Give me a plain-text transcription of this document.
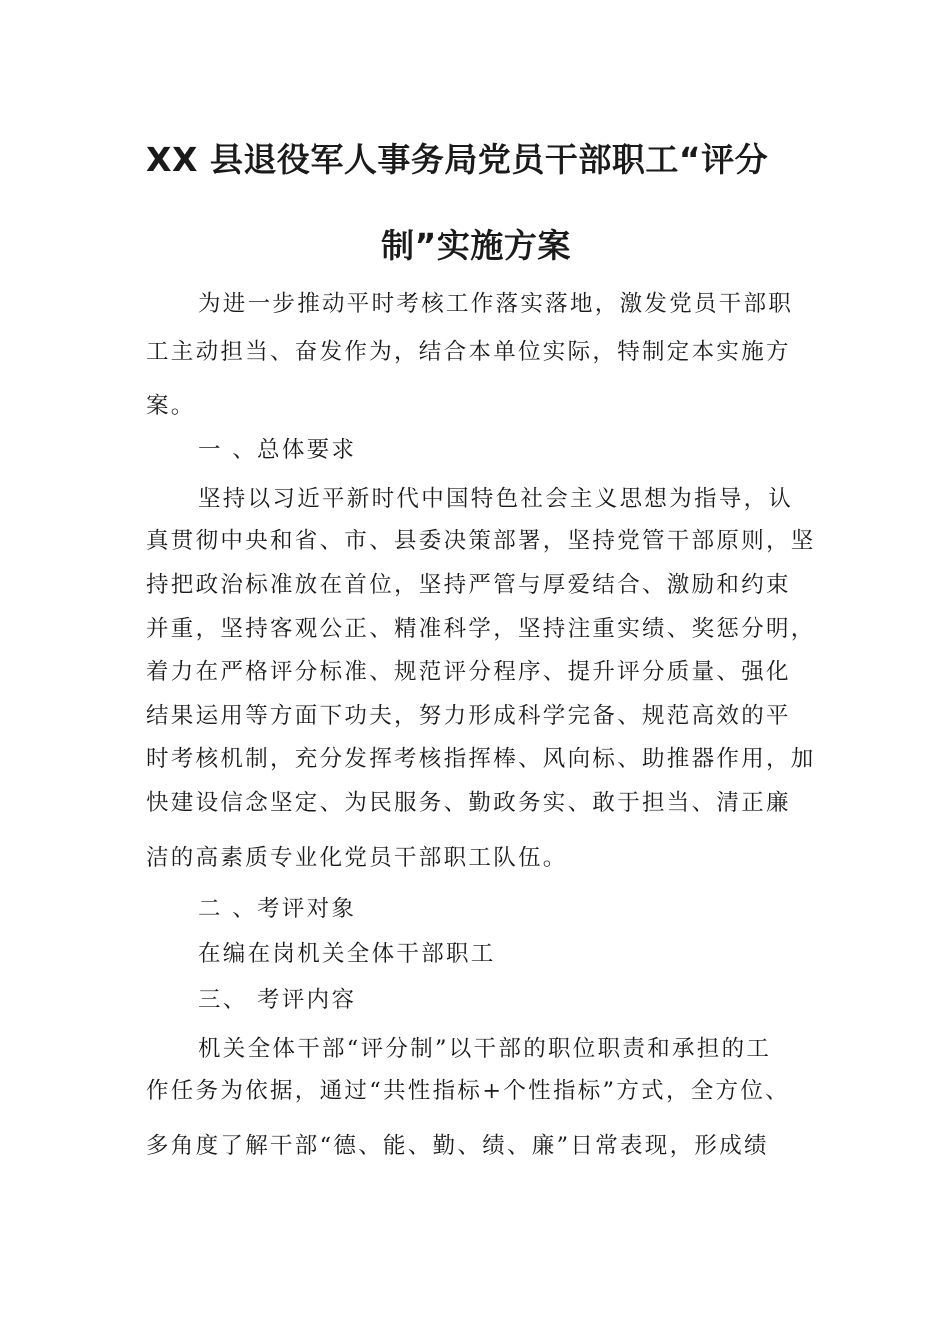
XX 县退役军人事务局党员干部职工“评分
制”实施方案
为进一步推动平时考核工作落实落地，激发党员干部职
工主动担当、奋发作为，结合本单位实际，特制定本实施方
案。
一 、总体要求
坚持以习近平新时代中国特色社会主义思想为指导，认
真贯彻中央和省、市、县委决策部署，坚持党管干部原则，坚
持把政治标准放在首位，坚持严管与厚爱结合、激励和约束
并重，坚持客观公正、精准科学，坚持注重实绩、奖惩分明，
着力在严格评分标准、规范评分程序、提升评分质量、强化
结果运用等方面下功夫，努力形成科学完备、规范高效的平
时考核机制，充分发挥考核指挥棒、风向标、助推器作用，加
快建设信念坚定、为民服务、勤政务实、敢于担当、清正廉
洁的高素质专业化党员干部职工队伍。
二 、考评对象
在编在岗机关全体干部职工
三、 考评内容
机关全体干部“评分制”以干部的职位职责和承担的工
作任务为依据，通过“共性指标+个性指标”方式，全方位、
多角度了解干部“德、能、勤、绩、廉”日常表现，形成绩
